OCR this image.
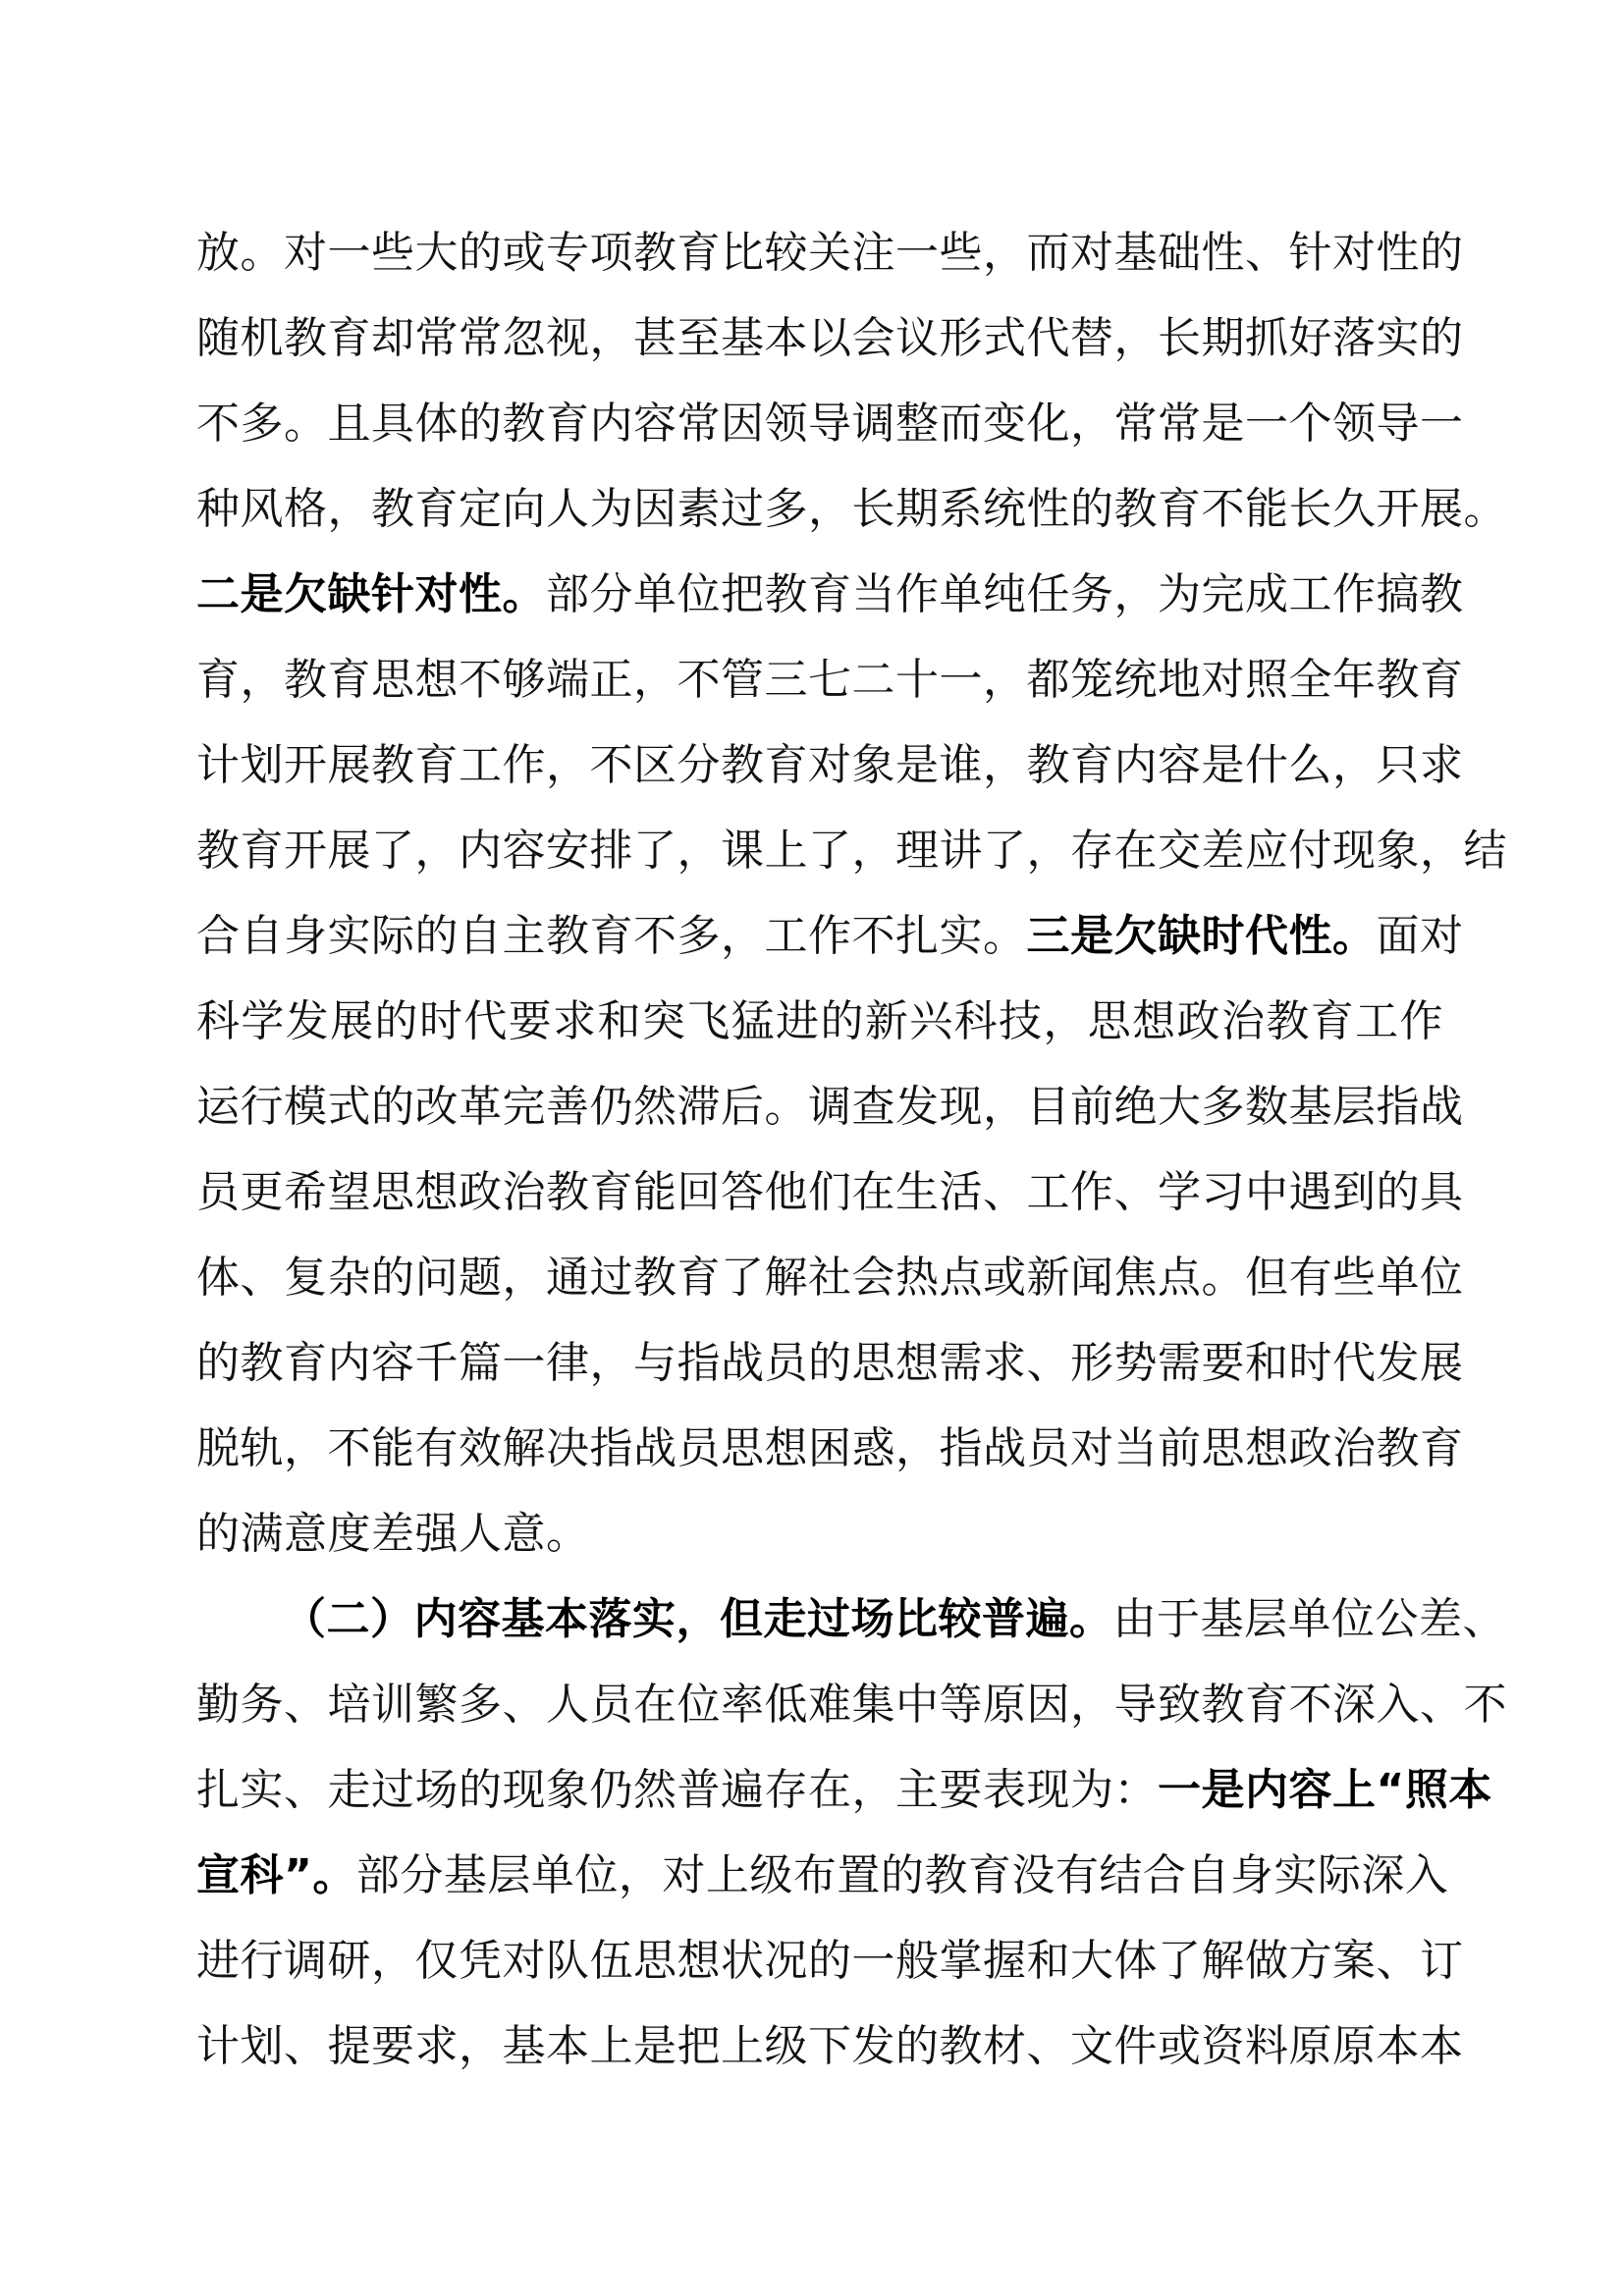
放。对一些大的或专项教育比较关注一些，而对基础性、针对性的
随机教育却常常忽视，甚至基本以会议形式代替，长期抓好落实的
不多。且具体的教育内容常因领导调整而变化，常常是一个领导一
种风格，教育定向人为因素过多，长期系统性的教育不能长久开展。
二是欠缺针对性。部分单位把教育当作单纯任务，为完成工作搞教
育，教育思想不够端正，不管三七二十一，都笼统地对照全年教育
计划开展教育工作，不区分教育对象是谁，教育内容是什么，只求
教育开展了，内容安排了，课上了，理讲了，存在交差应付现象，结
合自身实际的自主教育不多，工作不扎实。三是欠缺时代性。面对
科学发展的时代要求和突飞猛进的新兴科技，思想政治教育工作
运行模式的改革完善仍然滞后。调查发现，目前绝大多数基层指战
员更希望思想政治教育能回答他们在生活、工作、学习中遇到的具
体、复杂的问题，通过教育了解社会热点或新闻焦点。但有些单位
的教育内容千篇一律，与指战员的思想需求、形势需要和时代发展
脱轨，不能有效解决指战员思想困惑，指战员对当前思想政治教育
的满意度差强人意。
（二）内容基本落实，但走过场比较普遍。由于基层单位公差、
勤务、培训繁多、人员在位率低难集中等原因，导致教育不深入、不
扎实、走过场的现象仍然普遍存在，主要表现为：一是内容上“照本
宣科”。部分基层单位，对上级布置的教育没有结合自身实际深入
进行调研，仅凭对队伍思想状况的一般掌握和大体了解做方案、订
计划、提要求，基本上是把上级下发的教材、文件或资料原原本本
